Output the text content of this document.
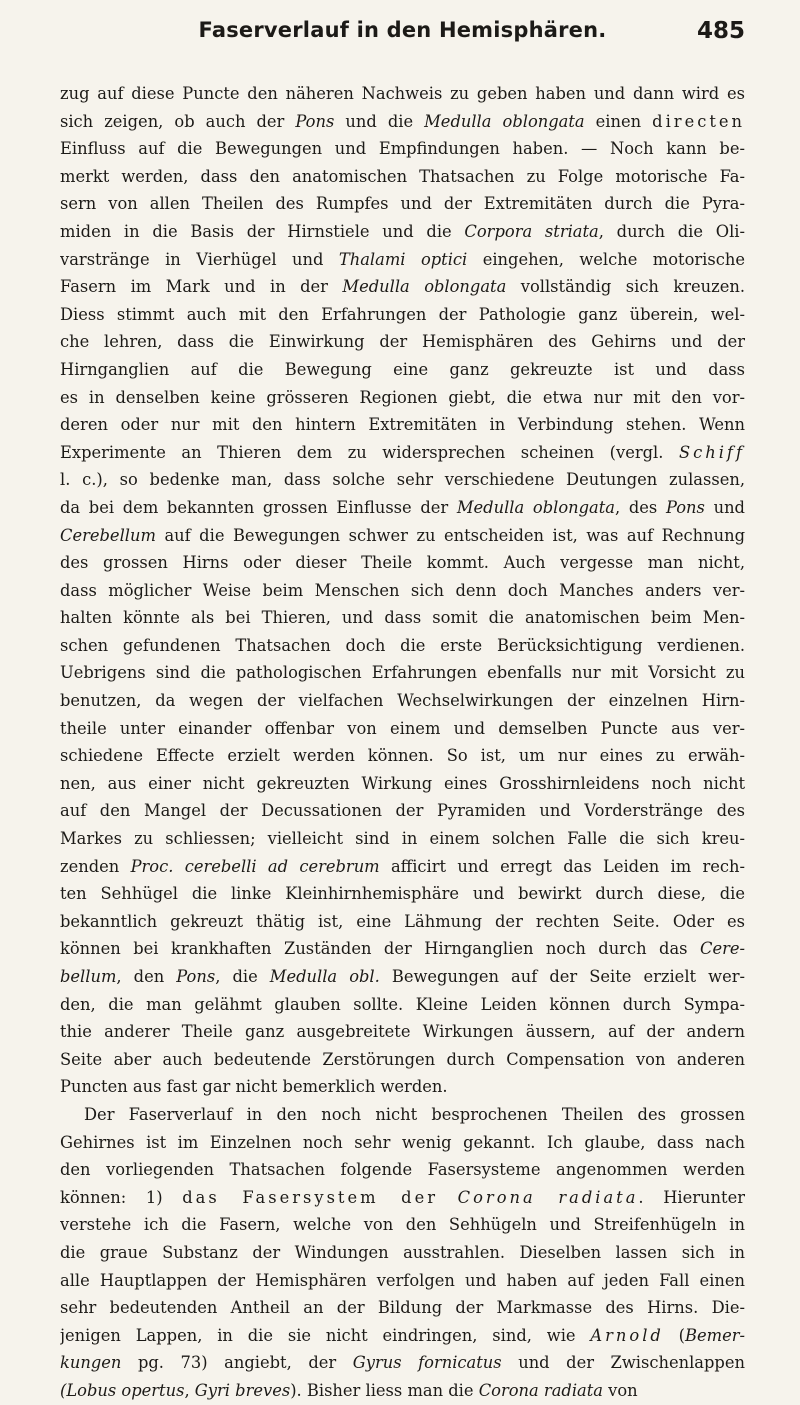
Faserverlauf in den Hemisphären.	485
zug auf diese Puncte den näheren Nachweis zu geben haben und dann wird es
sich zeigen, ob auch der Pons und die Medulla oblongata einen directen
Einfluss auf die Bewegungen und Empfindungen haben. — Noch kann be-
merkt werden, dass den anatomischen Thatsachen zu Folge motorische Fa-
sern von allen Theilen des Rumpfes und der Extremitäten durch die Pyra-
miden in die Basis der Hirnstiele und die Corpora striata, durch die Oli-
varstränge in Vierhügel und Thalami optici eingehen, welche motorische
Fasern im Mark und in der Medulla oblongata vollständig sich kreuzen.
Diess stimmt auch mit den Erfahrungen der Pathologie ganz überein, wel-
che lehren, dass die Einwirkung der Hemisphären des Gehirns und der
Hirnganglien auf die Bewegung eine ganz gekreuzte ist und dass
es in denselben keine grösseren Regionen giebt, die etwa nur mit den vor-
deren oder nur mit den hintern Extremitäten in Verbindung stehen. Wenn
Experimente an Thieren dem zu widersprechen scheinen (vergl. Schiff
l. c.), so bedenke man, dass solche sehr verschiedene Deutungen zulassen,
da bei dem bekannten grossen Einflusse der Medulla oblongata, des Pons und
Cerebellum auf die Bewegungen schwer zu entscheiden ist, was auf Rechnung
des grossen Hirns oder dieser Theile kommt. Auch vergesse man nicht,
dass möglicher Weise beim Menschen sich denn doch Manches anders ver-
halten könnte als bei Thieren, und dass somit die anatomischen beim Men-
schen gefundenen Thatsachen doch die erste Berücksichtigung verdienen.
Uebrigens sind die pathologischen Erfahrungen ebenfalls nur mit Vorsicht zu
benutzen, da wegen der vielfachen Wechselwirkungen der einzelnen Hirn-
theile unter einander offenbar von einem und demselben Puncte aus ver-
schiedene Effecte erzielt werden können. So ist, um nur eines zu erwäh-
nen, aus einer nicht gekreuzten Wirkung eines Grosshirnleidens noch nicht
auf den Mangel der Decussationen der Pyramiden und Vorderstränge des
Markes zu schliessen; vielleicht sind in einem solchen Falle die sich kreu-
zenden Proc. cerebelli ad cerebrum afficirt und erregt das Leiden im rech-
ten Sehhügel die linke Kleinhirnhemisphäre und bewirkt durch diese, die
bekanntlich gekreuzt thätig ist, eine Lähmung der rechten Seite. Oder es
können bei krankhaften Zuständen der Hirnganglien noch durch das Cere-
bellum, den Pons, die Medulla obl. Bewegungen auf der Seite erzielt wer-
den, die man gelähmt glauben sollte. Kleine Leiden können durch Sympa-
thie anderer Theile ganz ausgebreitete Wirkungen äussern, auf der andern
Seite aber auch bedeutende Zerstörungen durch Compensation von anderen
Puncten aus fast gar nicht bemerklich werden.
Der Faserverlauf in den noch nicht besprochenen Theilen des grossen
Gehirnes ist im Einzelnen noch sehr wenig gekannt. Ich glaube, dass nach
den vorliegenden Thatsachen folgende Fasersysteme angenommen werden
können: 1) das Fasersystem der Corona radiata. Hierunter
verstehe ich die Fasern, welche von den Sehhügeln und Streifenhügeln in
die graue Substanz der Windungen ausstrahlen. Dieselben lassen sich in
alle Hauptlappen der Hemisphären verfolgen und haben auf jeden Fall einen
sehr bedeutenden Antheil an der Bildung der Markmasse des Hirns. Die-
jenigen Lappen, in die sie nicht eindringen, sind, wie Arnold (Bemer-
kungen pg. 73) angiebt, der Gyrus fornicatus und der Zwischenlappen
(Lobus opertus, Gyri breves). Bisher liess man die Corona radiata von
